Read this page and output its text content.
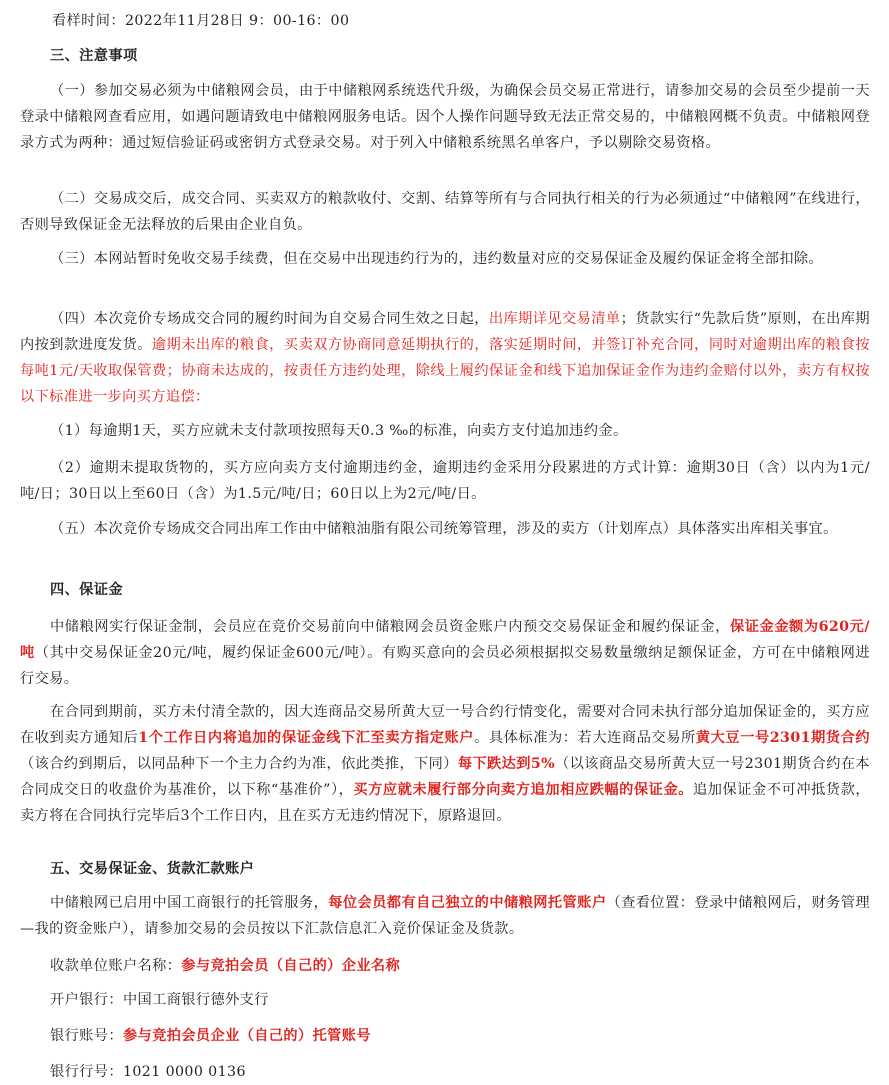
看样时间：2022年11月28日 9：00-16：00

三、注意事项

（一）参加交易必须为中储粮网会员，由于中储粮网系统迭代升级，为确保会员交易正常进行，请参加交易的会员至少提前一天登录中储粮网查看应用，如遇问题请致电中储粮网服务电话。因个人操作问题导致无法正常交易的，中储粮网概不负责。中储粮网登录方式为两种：通过短信验证码或密钥方式登录交易。对于列入中储粮系统黑名单客户，予以剔除交易资格。

（二）交易成交后，成交合同、买卖双方的粮款收付、交割、结算等所有与合同执行相关的行为必须通过“中储粮网”在线进行，否则导致保证金无法释放的后果由企业自负。

（三）本网站暂时免收交易手续费，但在交易中出现违约行为的，违约数量对应的交易保证金及履约保证金将全部扣除。

（四）本次竞价专场成交合同的履约时间为自交易合同生效之日起，出库期详见交易清单；货款实行“先款后货”原则，在出库期内按到款进度发货。逾期未出库的粮食，买卖双方协商同意延期执行的，落实延期时间，并签订补充合同，同时对逾期出库的粮食按每吨1元/天收取保管费；协商未达成的，按责任方违约处理，除线上履约保证金和线下追加保证金作为违约金赔付以外，卖方有权按以下标准进一步向买方追偿：

（1）每逾期1天，买方应就未支付款项按照每天0.3 ‰的标准，向卖方支付追加违约金。

（2）逾期未提取货物的，买方应向卖方支付逾期违约金，逾期违约金采用分段累进的方式计算：逾期30日（含）以内为1元/吨/日；30日以上至60日（含）为1.5元/吨/日；60日以上为2元/吨/日。

（五）本次竞价专场成交合同出库工作由中储粮油脂有限公司统筹管理，涉及的卖方（计划库点）具体落实出库相关事宜。

四、保证金

中储粮网实行保证金制，会员应在竞价交易前向中储粮网会员资金账户内预交交易保证金和履约保证金，保证金金额为620元/吨（其中交易保证金20元/吨，履约保证金600元/吨）。有购买意向的会员必须根据拟交易数量缴纳足额保证金，方可在中储粮网进行交易。

在合同到期前，买方未付清全款的，因大连商品交易所黄大豆一号合约行情变化，需要对合同未执行部分追加保证金的，买方应在收到卖方通知后1个工作日内将追加的保证金线下汇至卖方指定账户。具体标准为：若大连商品交易所黄大豆一号2301期货合约（该合约到期后，以同品种下一个主力合约为准，依此类推，下同）每下跌达到5%（以该商品交易所黄大豆一号2301期货合约在本合同成交日的收盘价为基准价，以下称“基准价”），买方应就未履行部分向卖方追加相应跌幅的保证金。追加保证金不可冲抵货款，卖方将在合同执行完毕后3个工作日内，且在买方无违约情况下，原路退回。

五、交易保证金、货款汇款账户

中储粮网已启用中国工商银行的托管服务，每位会员都有自己独立的中储粮网托管账户（查看位置：登录中储粮网后，财务管理—我的资金账户），请参加交易的会员按以下汇款信息汇入竞价保证金及货款。

收款单位账户名称：参与竞拍会员（自己的）企业名称

开户银行：中国工商银行德外支行

银行账号：参与竞拍会员企业（自己的）托管账号

银行行号：1021 0000 0136
